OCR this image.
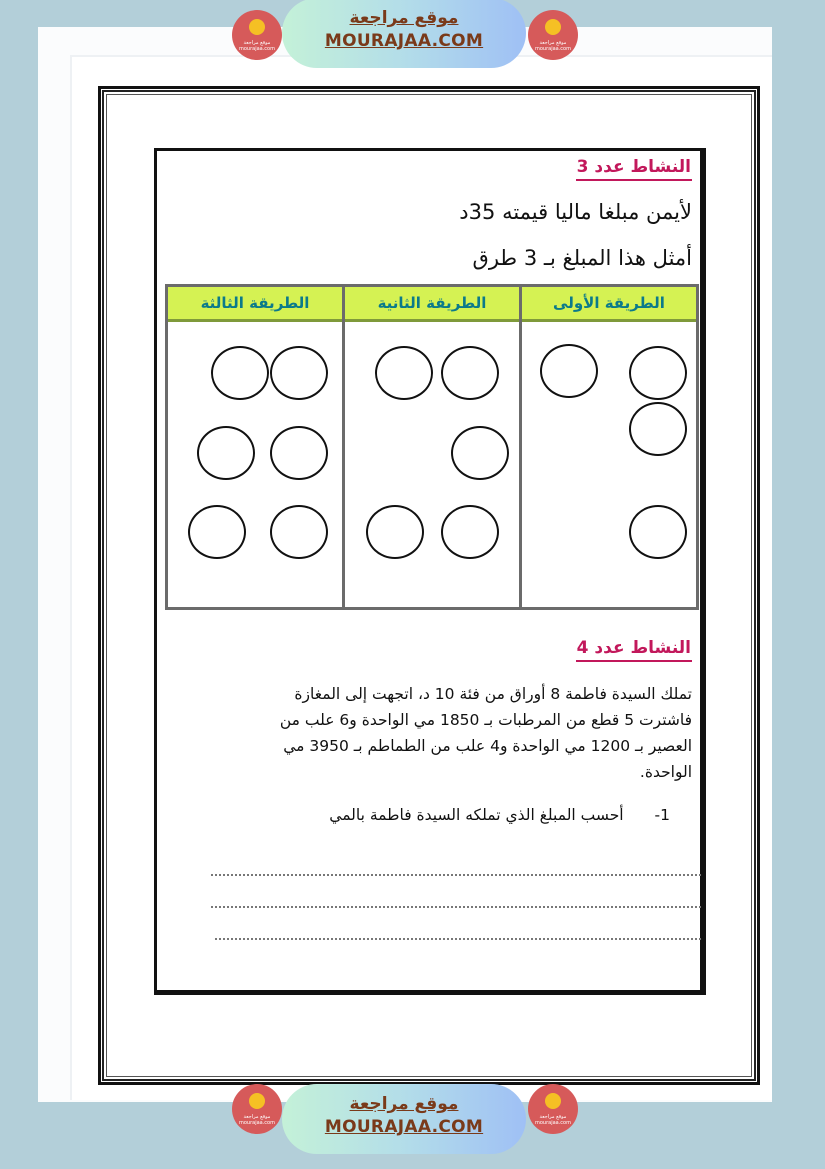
النشاط عدد 3
لأيمن مبلغا ماليا قيمته 35د
أمثل هذا المبلغ بـ 3 طرق
الطريقة الأولى
الطريقة الثانية
الطريقة الثالثة
النشاط عدد 4
تملك السيدة فاطمة 8 أوراق من فئة 10 د، اتجهت إلى المغازة
فاشترت 5 قطع من المرطبات بـ 1850 مي الواحدة و6 علب من
العصير بـ 1200 مي الواحدة و4 علب من الطماطم بـ 3950 مي
الواحدة.
1- أحسب المبلغ الذي تملكه السيدة فاطمة بالمي
موقع مراجعة mourajaa.com
موقع مراجعة mourajaa.com
موقع مراجعة
MOURAJAA.COM
موقع مراجعة mourajaa.com
موقع مراجعة mourajaa.com
موقع مراجعة
MOURAJAA.COM
